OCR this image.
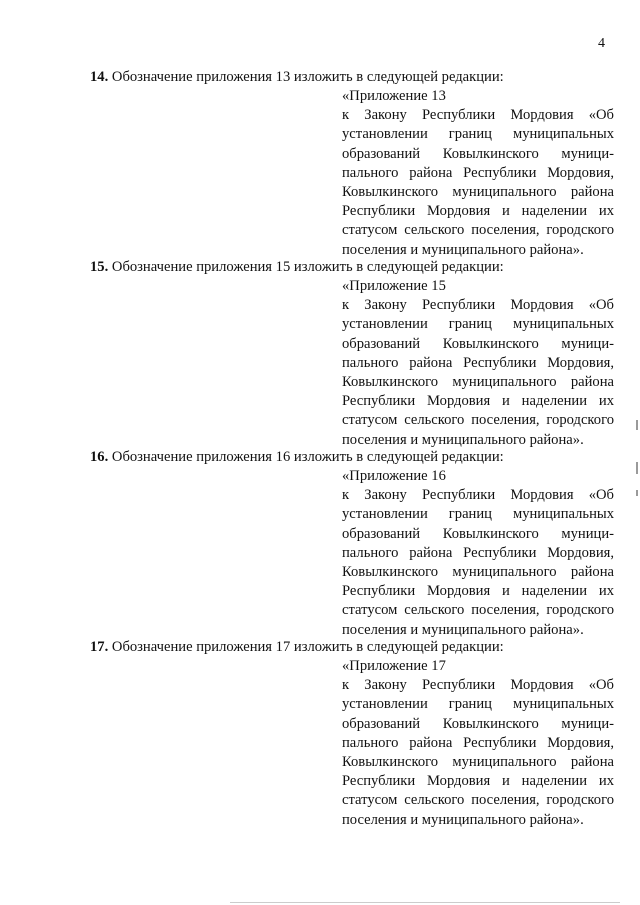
4
14. Обозначение приложения 13 изложить в следующей редакции:
«Приложение 13
к Закону Республики Мордовия «Об установлении границ муниципальных образований Ковылкинского муници-пального района Республики Мордовия, Ковылкинского муниципального района Республики Мордовия и наделении их статусом сельского поселения, городского поселения и муниципального района».
15. Обозначение приложения 15 изложить в следующей редакции:
«Приложение 15
к Закону Республики Мордовия «Об установлении границ муниципальных образований Ковылкинского муници-пального района Республики Мордовия, Ковылкинского муниципального района Республики Мордовия и наделении их статусом сельского поселения, городского поселения и муниципального района».
16. Обозначение приложения 16 изложить в следующей редакции:
«Приложение 16
к Закону Республики Мордовия «Об установлении границ муниципальных образований Ковылкинского муници-пального района Республики Мордовия, Ковылкинского муниципального района Республики Мордовия и наделении их статусом сельского поселения, городского поселения и муниципального района».
17. Обозначение приложения 17 изложить в следующей редакции:
«Приложение 17
к Закону Республики Мордовия «Об установлении границ муниципальных образований Ковылкинского муници-пального района Республики Мордовия, Ковылкинского муниципального района Республики Мордовия и наделении их статусом сельского поселения, городского поселения и муниципального района».
